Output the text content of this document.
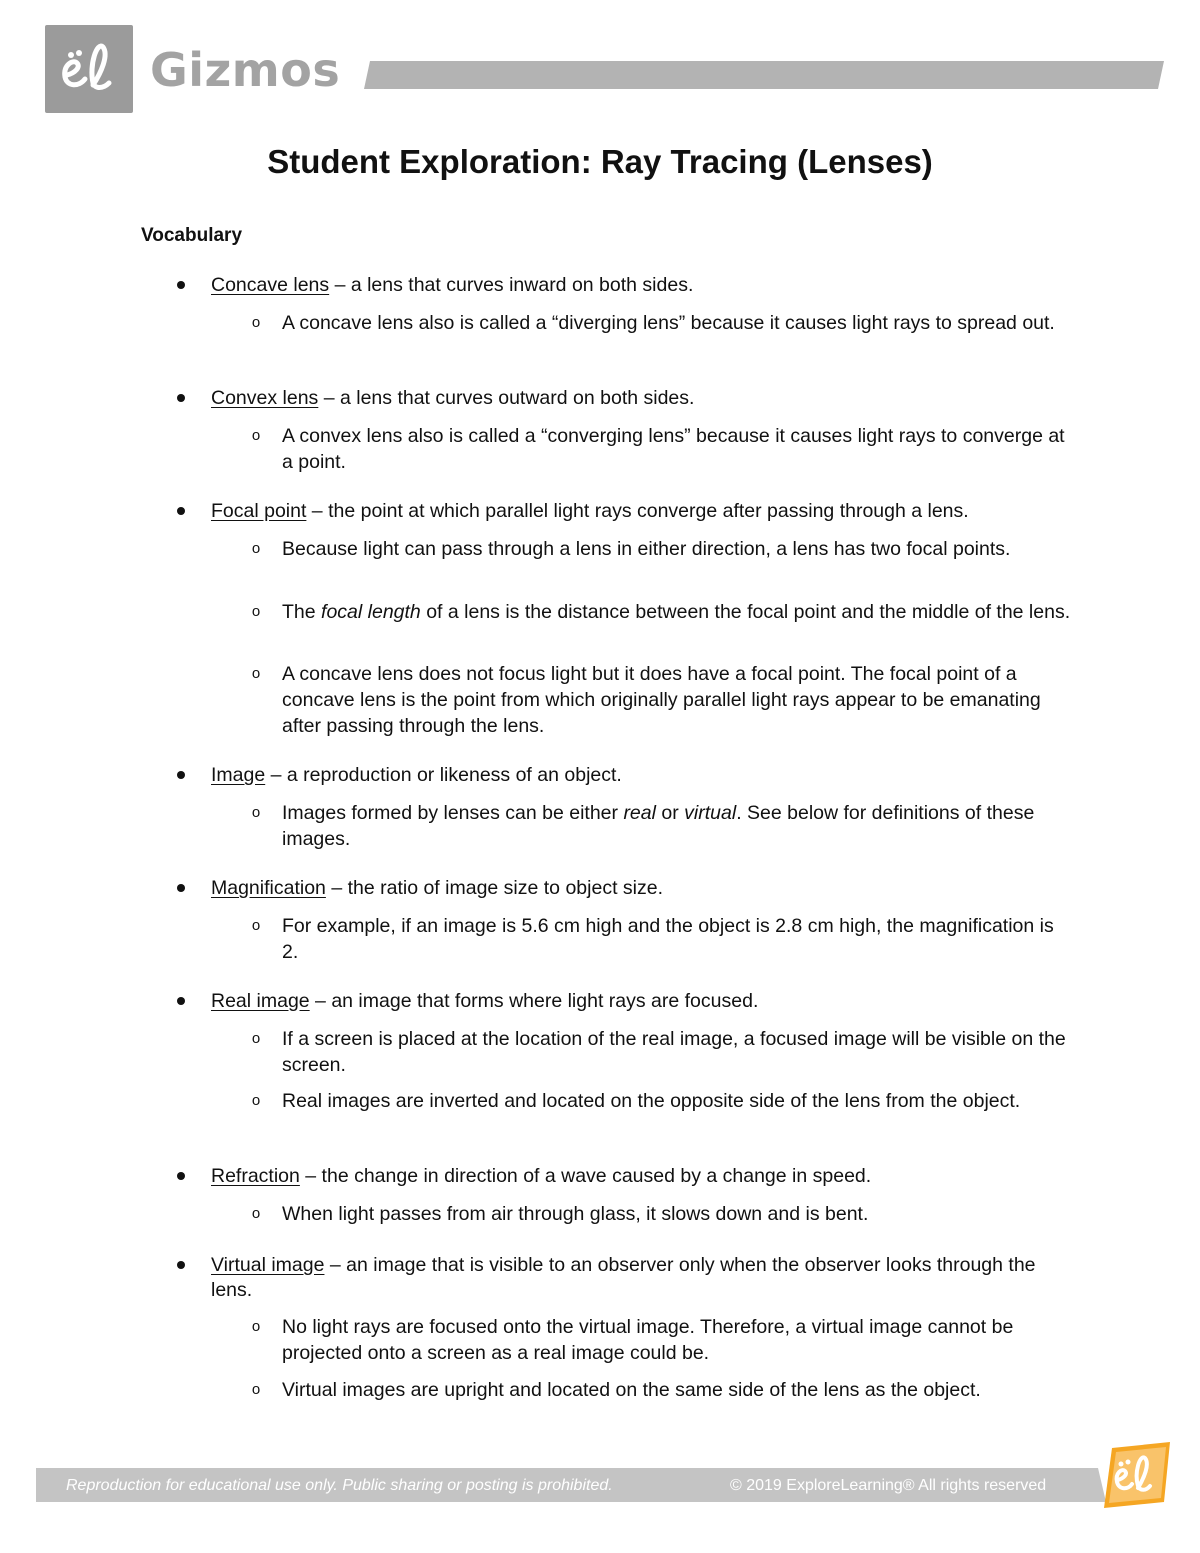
Gizmos
Student Exploration: Ray Tracing (Lenses)
Vocabulary
Concave lens – a lens that curves inward on both sides.
o A concave lens also is called a “diverging lens” because it causes light rays to spread out.
Convex lens – a lens that curves outward on both sides.
o A convex lens also is called a “converging lens” because it causes light rays to converge at a point.
Focal point – the point at which parallel light rays converge after passing through a lens.
o Because light can pass through a lens in either direction, a lens has two focal points.
o The focal length of a lens is the distance between the focal point and the middle of the lens.
o A concave lens does not focus light but it does have a focal point. The focal point of a concave lens is the point from which originally parallel light rays appear to be emanating after passing through the lens.
Image – a reproduction or likeness of an object.
o Images formed by lenses can be either real or virtual. See below for definitions of these images.
Magnification – the ratio of image size to object size.
o For example, if an image is 5.6 cm high and the object is 2.8 cm high, the magnification is 2.
Real image – an image that forms where light rays are focused.
o If a screen is placed at the location of the real image, a focused image will be visible on the screen.
o Real images are inverted and located on the opposite side of the lens from the object.
Refraction – the change in direction of a wave caused by a change in speed.
o When light passes from air through glass, it slows down and is bent.
Virtual image – an image that is visible to an observer only when the observer looks through the lens.
o No light rays are focused onto the virtual image. Therefore, a virtual image cannot be projected onto a screen as a real image could be.
o Virtual images are upright and located on the same side of the lens as the object.
Reproduction for educational use only. Public sharing or posting is prohibited.	© 2019 ExploreLearning® All rights reserved
